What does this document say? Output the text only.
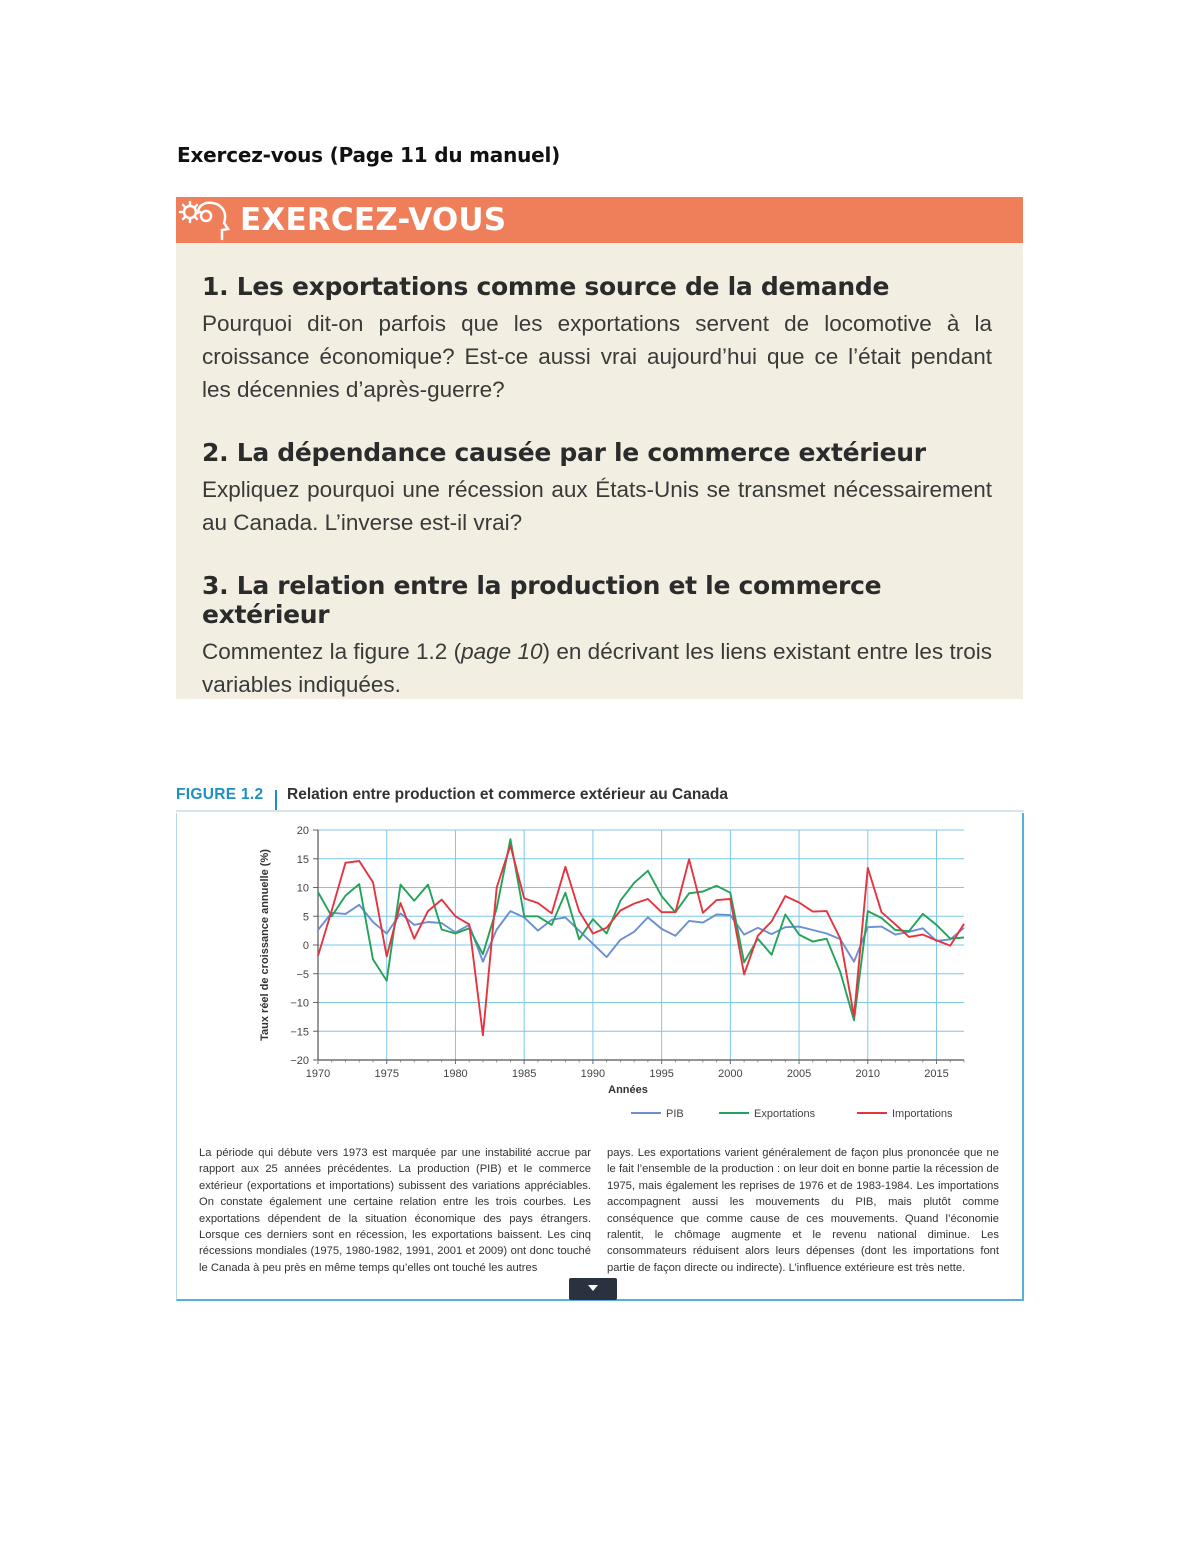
Exercez-vous (Page 11 du manuel)
EXERCEZ-VOUS
1. Les exportations comme source de la demande
Pourquoi dit-on parfois que les exportations servent de locomotive à la croissance économique? Est-ce aussi vrai aujourd’hui que ce l’était pendant les décennies d’après-guerre?
2. La dépendance causée par le commerce extérieur
Expliquez pourquoi une récession aux États-Unis se transmet nécessairement au Canada. L’inverse est-il vrai?
3. La relation entre la production et le commerce extérieur
Commentez la figure 1.2 (page 10) en décrivant les liens existant entre les trois variables indiquées.
FIGURE 1.2 Relation entre production et commerce extérieur au Canada
20
15
10
5
0
−5
−10
−15
−20
1970	1975	1980	1985	1990	1995	2000	2005	2010	2015
Années
Taux réel de croissance annuelle (%)
PIB	Exportations	Importations
La période qui débute vers 1973 est marquée par une instabilité accrue par rapport aux 25 années précédentes. La production (PIB) et le commerce extérieur (exportations et importations) subissent des variations appréciables. On constate également une certaine relation entre les trois courbes. Les exportations dépendent de la situation économique des pays étrangers. Lorsque ces derniers sont en récession, les exportations baissent. Les cinq récessions mondiales (1975, 1980-1982, 1991, 2001 et 2009) ont donc touché le Canada à peu près en même temps qu’elles ont touché les autres
pays. Les exportations varient généralement de façon plus prononcée que ne le fait l’ensemble de la production : on leur doit en bonne partie la récession de 1975, mais également les reprises de 1976 et de 1983-1984. Les importations accompagnent aussi les mouvements du PIB, mais plutôt comme conséquence que comme cause de ces mouvements. Quand l’économie ralentit, le chômage augmente et le revenu national diminue. Les consommateurs réduisent alors leurs dépenses (dont les importations font partie de façon directe ou indirecte). L’influence extérieure est très nette.
